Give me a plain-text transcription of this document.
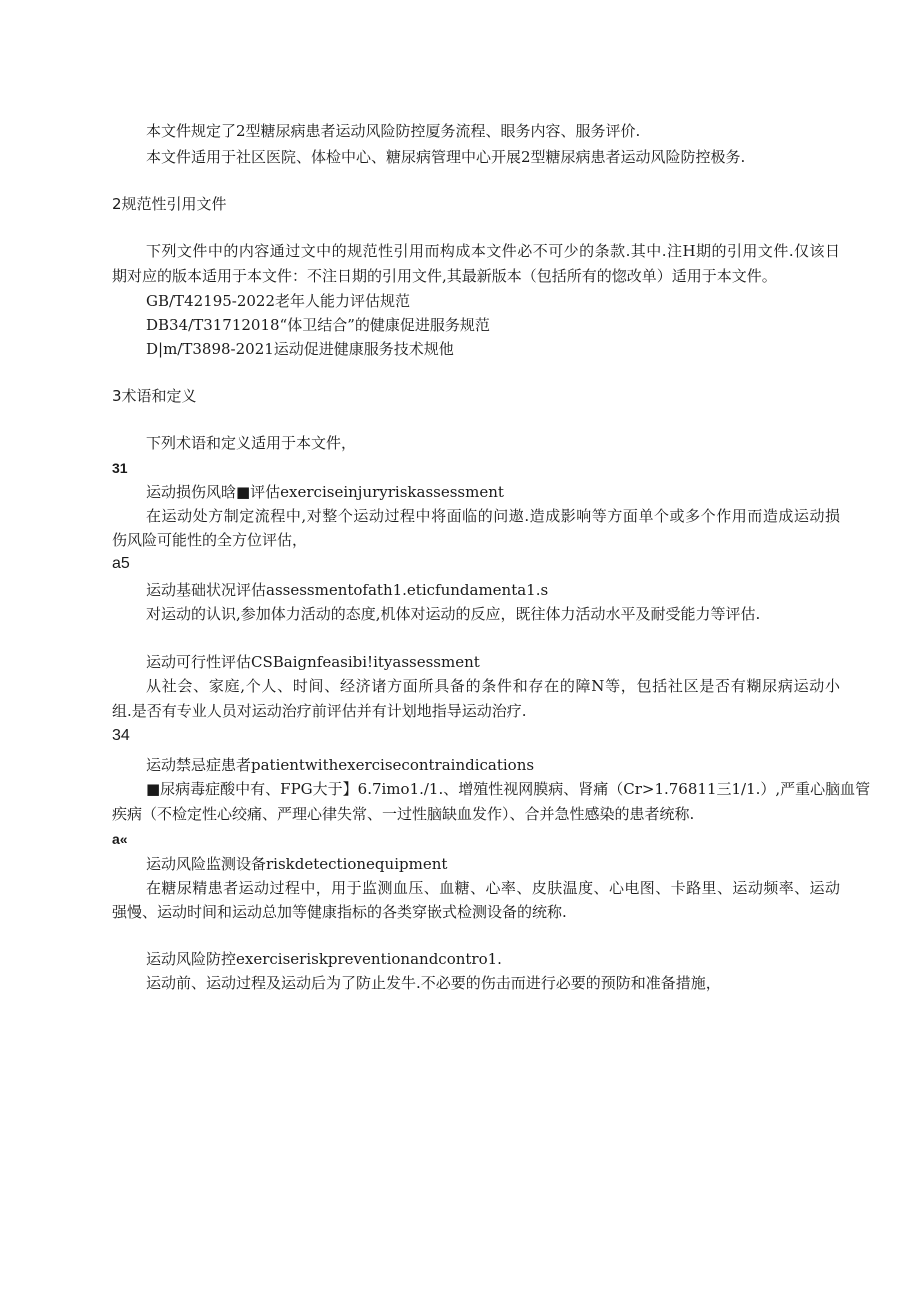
本文件规定了2型糖尿病患者运动风险防控厦务流程、眼务内容、服务评价.
本文件适用于社区医院、体检中心、糖尿病管理中心开展2型糖尿病患者运动风险防控极务.
2规范性引用文件
下列文件中的内容通过文中的规范性引用而构成本文件必不可少的条款.其中.注H期的引用文件.仅该日
期对应的版本适用于本文件：不注日期的引用文件,其最新版本（包括所有的惚改单）适用于本文件。
GB/T42195-2022老年人能力评估规范
DB34/T31712018“体卫结合”的健康促进服务规范
D|m/T3898-2021运动促进健康服务技术规他
3术语和定义
下列术语和定义适用于本文件，
31
运动损伤风晗■评估exerciseinjuryriskassessment
在运动处方制定流程中,对整个运动过程中将面临的问遨.造成影响等方面单个或多个作用而造成运动损
伤风险可能性的全方位评估，
a5
运动基础状况评估assessmentofath1.eticfundamenta1.s
对运动的认识,参加体力活动的态度,机体对运动的反应，既往体力活动水平及耐受能力等评估.
运动可行性评估CSBaignfeasibi!ityassessment
从社会、家庭,个人、时间、经济诸方面所具备的条件和存在的障N等，包括社区是否有糊尿病运动小
组.是否有专业人员对运动治疗前评估并有计划地指导运动治疗.
34
运动禁忌症患者patientwithexercisecontraindications
■尿病毒症酸中有、FPG大于】6.7imo1./1.、增殖性视网膜病、肾痛（Cr>1.76811三1/1.）,严重心脑血管
疾病（不检定性心绞痛、严理心律失常、一过性脑缺血发作）、合并急性感染的患者统称.
a«
运动风险监测设备riskdetectionequipment
在糖尿精患者运动过程中，用于监测血压、血糖、心率、皮肤温度、心电图、卡路里、运动频率、运动
强慢、运动时间和运动总加等健康指标的各类穿嵌式检测设备的统称.
运动风险防控exerciseriskpreventionandcontro1.
运动前、运动过程及运动后为了防止发牛.不必要的伤击而进行必要的预防和准备措施，
